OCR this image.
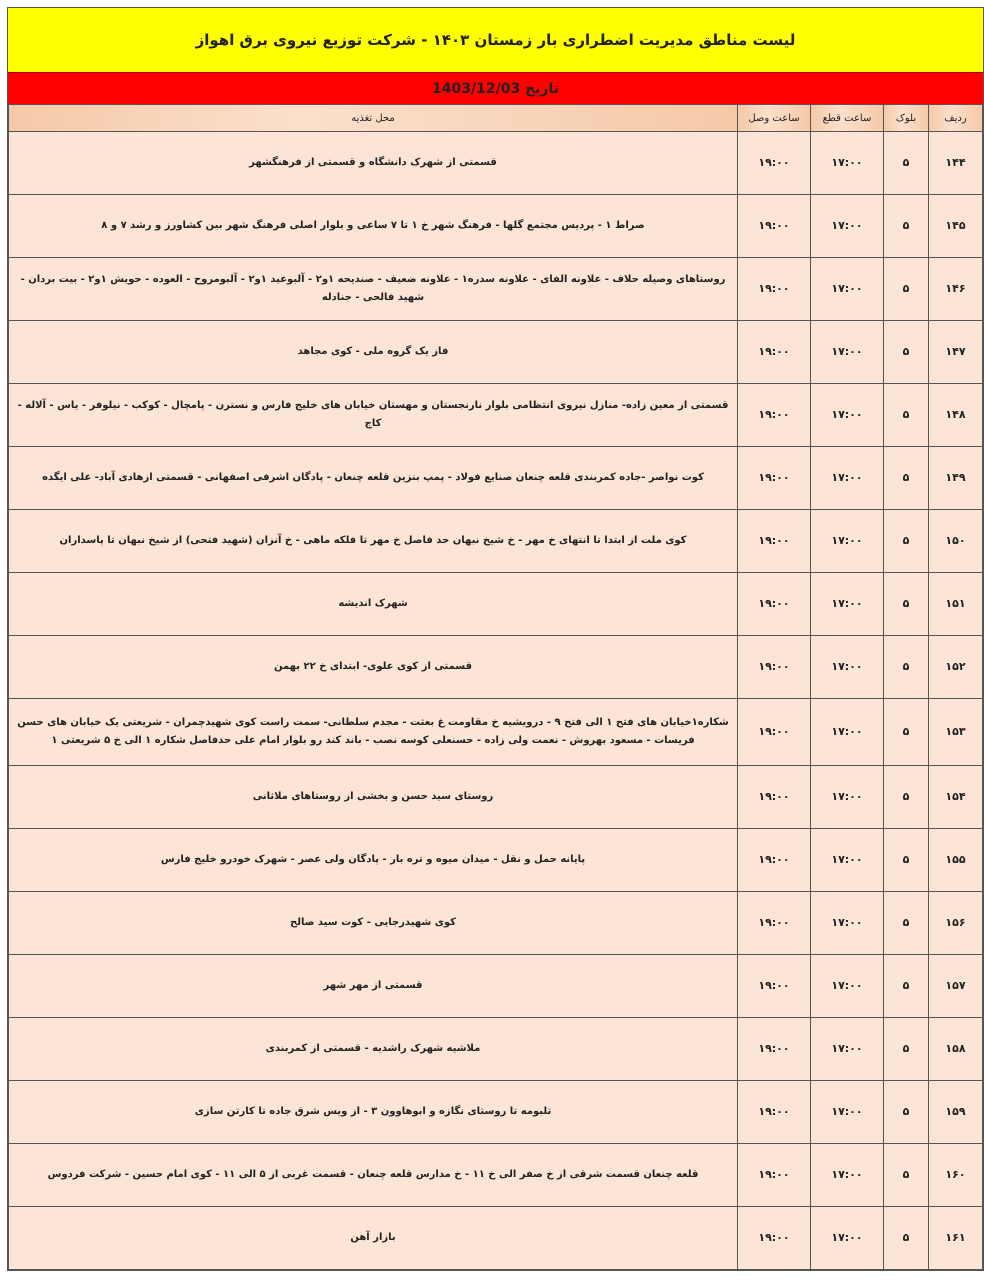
لیست مناطق مدیریت اضطراری بار زمستان ۱۴۰۳ - شرکت توزیع نیروی برق اهواز
تاریخ 1403/12/03
ردیف	بلوک	ساعت قطع	ساعت وصل	محل تغذیه
۱۴۴	۵	۱۷:۰۰	۱۹:۰۰	قسمتی از شهرک دانشگاه و قسمتی از فرهنگشهر
۱۴۵	۵	۱۷:۰۰	۱۹:۰۰	صراط ۱ - پردیس مجتمع گلها - فرهنگ شهر خ ۱ تا ۷ ساعی و بلوار اصلی فرهنگ شهر بین کشاورز و رشد ۷ و ۸
۱۴۶	۵	۱۷:۰۰	۱۹:۰۰	روستاهای وصیله حلاف - علاونه الفای - علاونه سدره۱ - علاونه ضعیف - صندیحه ۱و۲ - آلبوعید ۱و۲ - آلبومروح - العوده - حویش ۱و۲ - بیت بردان - شهید فالحی - جنادله
۱۴۷	۵	۱۷:۰۰	۱۹:۰۰	فاز یک گروه ملی - کوی مجاهد
۱۴۸	۵	۱۷:۰۰	۱۹:۰۰	قسمتی از معین زاده- منازل نیروی انتظامی بلوار نارنجستان و مهستان خیابان های خلیج فارس و نسترن - پامچال - کوکب - نیلوفر - یاس - آلاله - کاج
۱۴۹	۵	۱۷:۰۰	۱۹:۰۰	کوت نواصر -جاده کمربندی قلعه چنعان صنایع فولاد - پمپ بنزین قلعه چنعان - پادگان اشرفی اصفهانی - قسمتی ازهادی آباد- علی ایگده
۱۵۰	۵	۱۷:۰۰	۱۹:۰۰	کوی ملت از ابتدا تا انتهای خ مهر - خ شیخ نبهان حد فاصل خ مهر تا فلکه ماهی - خ آنزان (شهید فتحی) از شیخ نبهان تا پاسداران
۱۵۱	۵	۱۷:۰۰	۱۹:۰۰	شهرک اندیشه
۱۵۲	۵	۱۷:۰۰	۱۹:۰۰	قسمتی از کوی علوی- ابتدای خ ۲۲ بهمن
۱۵۳	۵	۱۷:۰۰	۱۹:۰۰	شکاره۱خیابان های فتح ۱ الی فتح ۹ - درویشیه خ مقاومت غ بعثت - مجدم سلطانی- سمت راست کوی شهیدچمران - شریعتی یک خیابان های حسن فریسات - مسعود بهروش - نعمت ولی زاده - حسنعلی کوسه نصب - باند کند رو بلوار امام علی حدفاصل شکاره ۱ الی خ ۵ شریعتی ۱
۱۵۴	۵	۱۷:۰۰	۱۹:۰۰	روستای سید حسن و بخشی از روستاهای ملاثانی
۱۵۵	۵	۱۷:۰۰	۱۹:۰۰	پایانه حمل و نقل - میدان میوه و تره بار - پادگان ولی عصر - شهرک خودرو خلیج فارس
۱۵۶	۵	۱۷:۰۰	۱۹:۰۰	کوی شهیدرجایی - کوت سید صالح
۱۵۷	۵	۱۷:۰۰	۱۹:۰۰	قسمتی از مهر شهر
۱۵۸	۵	۱۷:۰۰	۱۹:۰۰	ملاشیه شهرک راشدیه - قسمتی از کمربندی
۱۵۹	۵	۱۷:۰۰	۱۹:۰۰	تلبومه تا روستای نگازه و ابوهاوون ۳ - از ویس شرق جاده تا کارتن سازی
۱۶۰	۵	۱۷:۰۰	۱۹:۰۰	قلعه چنعان قسمت شرقی از خ صفر الی خ ۱۱ - خ مدارس قلعه چنعان - قسمت غربی از ۵ الی ۱۱ - کوی امام حسین - شرکت فردوس
۱۶۱	۵	۱۷:۰۰	۱۹:۰۰	بازار آهن
